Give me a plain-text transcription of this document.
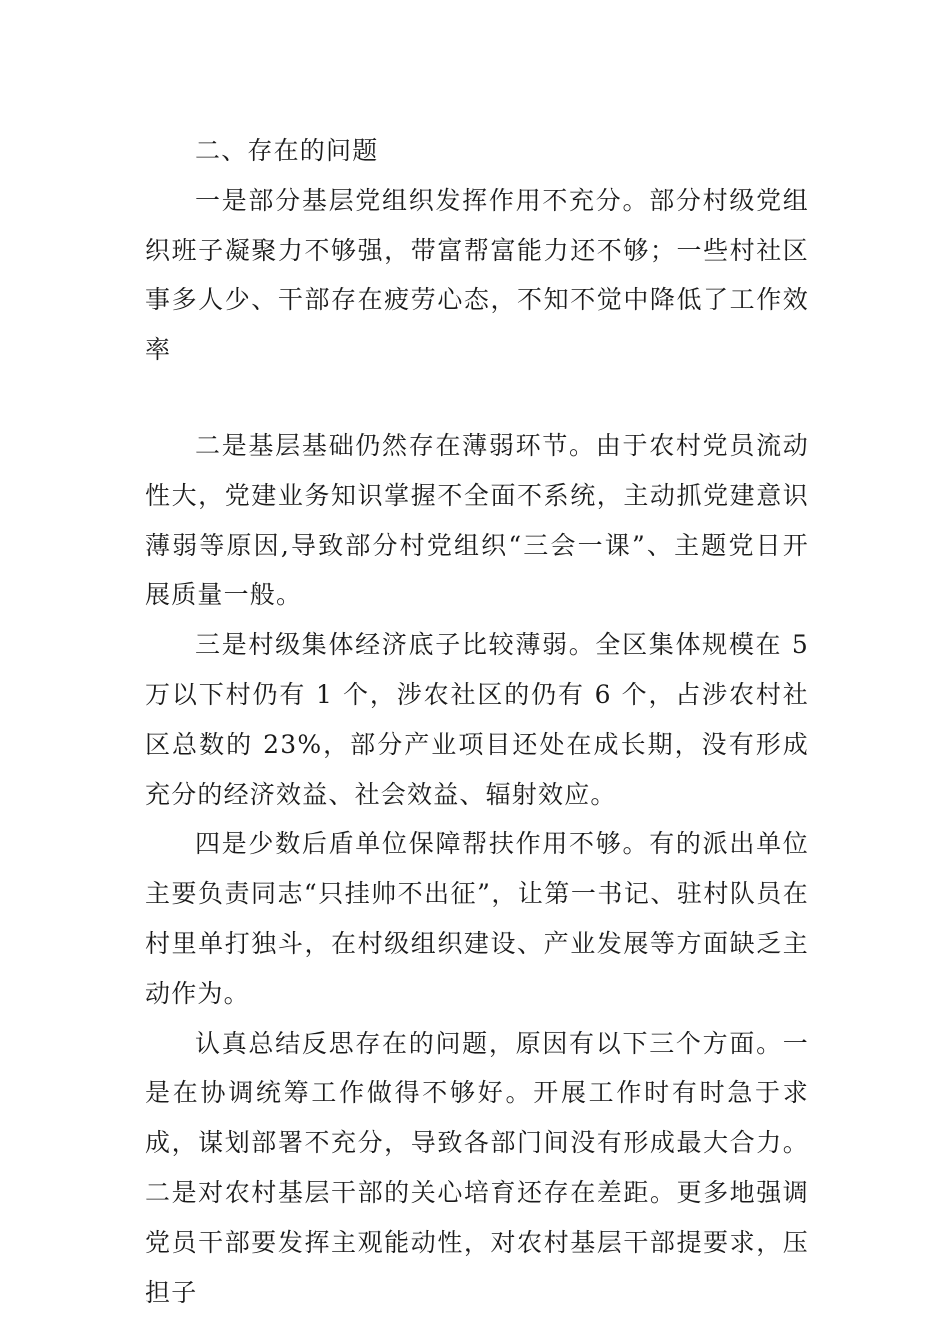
二、存在的问题

一是部分基层党组织发挥作用不充分。部分村级党组织班子凝聚力不够强，带富帮富能力还不够；一些村社区事多人少、干部存在疲劳心态，不知不觉中降低了工作效率

二是基层基础仍然存在薄弱环节。由于农村党员流动性大，党建业务知识掌握不全面不系统，主动抓党建意识薄弱等原因,导致部分村党组织“三会一课”、主题党日开展质量一般。

三是村级集体经济底子比较薄弱。全区集体规模在 5 万以下村仍有 1 个，涉农社区的仍有 6 个，占涉农村社区总数的 23%，部分产业项目还处在成长期，没有形成充分的经济效益、社会效益、辐射效应。

四是少数后盾单位保障帮扶作用不够。有的派出单位主要负责同志“只挂帅不出征”，让第一书记、驻村队员在村里单打独斗，在村级组织建设、产业发展等方面缺乏主动作为。

认真总结反思存在的问题，原因有以下三个方面。一是在协调统筹工作做得不够好。开展工作时有时急于求成，谋划部署不充分，导致各部门间没有形成最大合力。二是对农村基层干部的关心培育还存在差距。更多地强调党员干部要发挥主观能动性，对农村基层干部提要求，压担子
